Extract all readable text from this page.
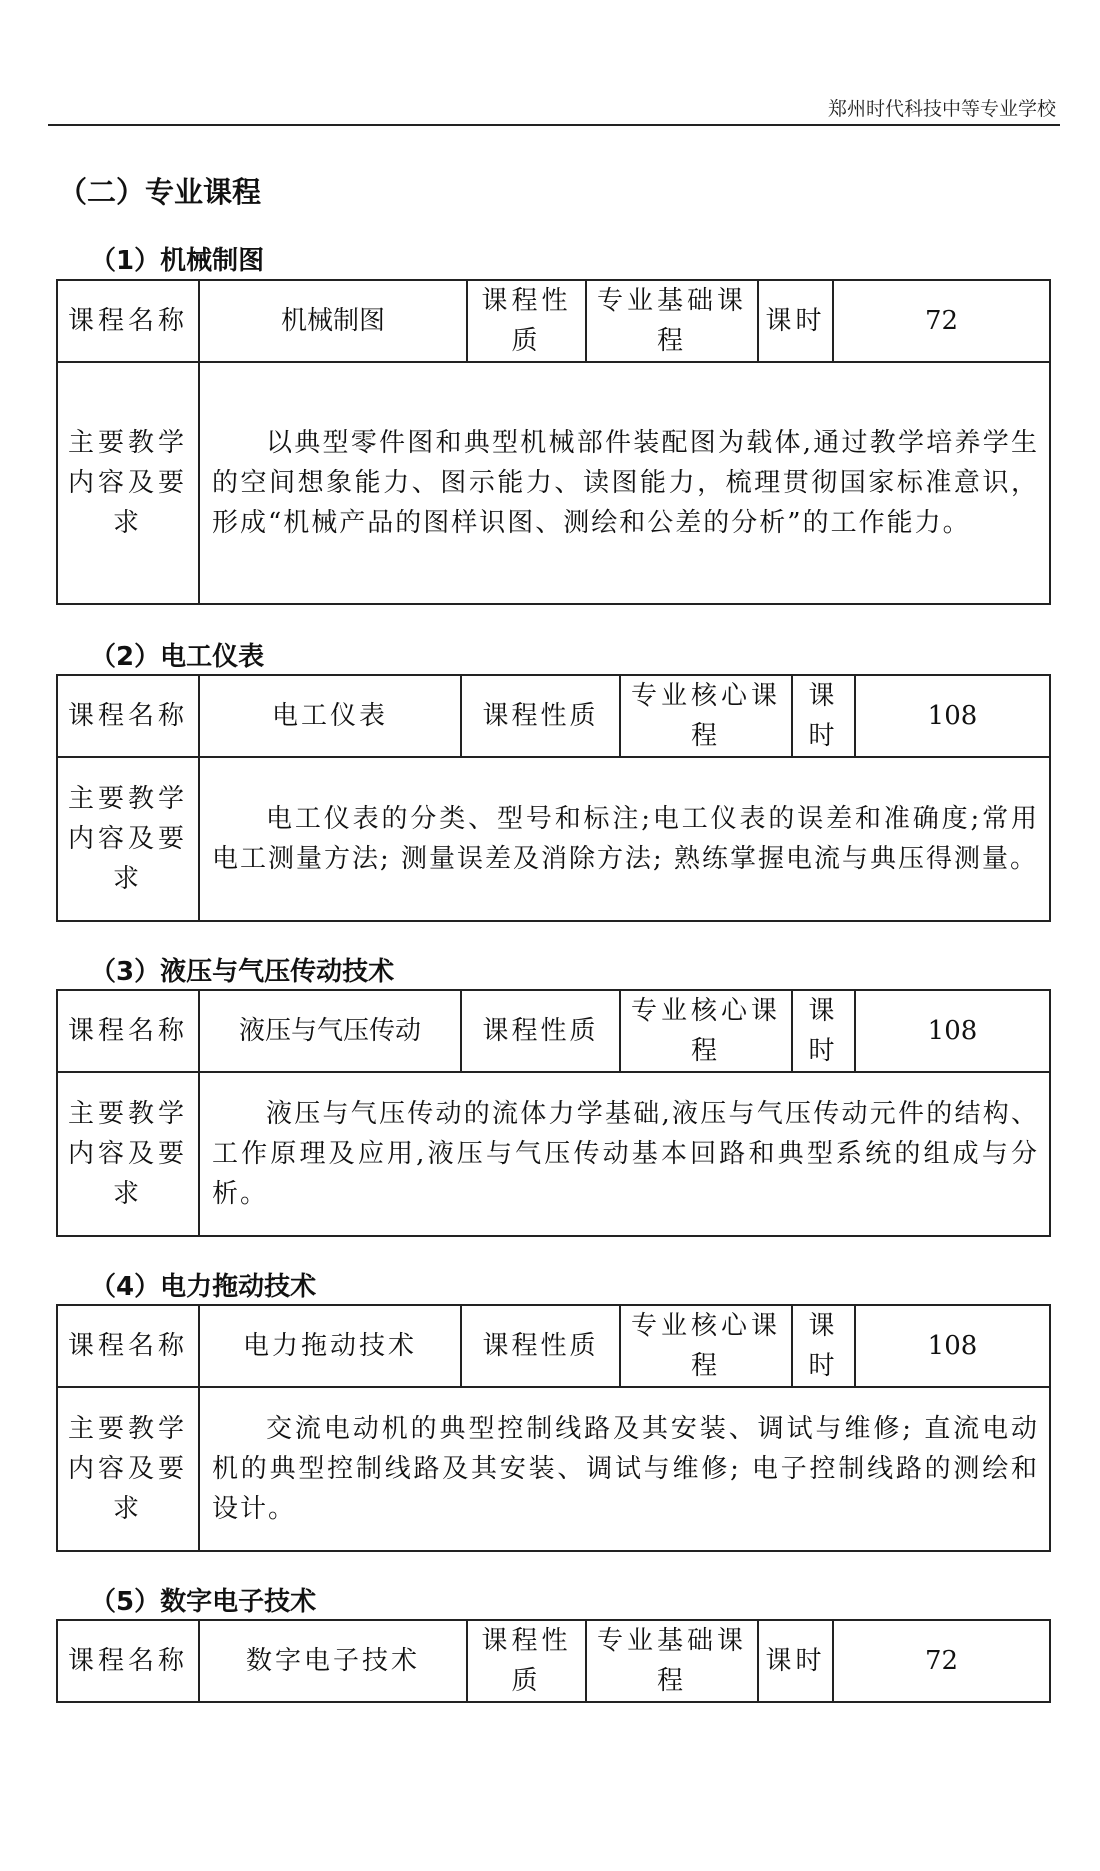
郑州时代科技中等专业学校
（二）专业课程
（1）机械制图
课程名称	机械制图	课程性质	专业基础课程	课时	72
主要教学内容及要求	以典型零件图和典型机械部件装配图为载体,通过教学培养学生的空间想象能力、图示能力、读图能力，梳理贯彻国家标准意识，形成“机械产品的图样识图、测绘和公差的分析”的工作能力。				
（2）电工仪表
课程名称	电工仪表	课程性质	专业核心课程	课时	108
主要教学内容及要求	电工仪表的分类、型号和标注;电工仪表的误差和准确度;常用电工测量方法; 测量误差及消除方法; 熟练掌握电流与典压得测量。				
（3）液压与气压传动技术
课程名称	液压与气压传动	课程性质	专业核心课程	课时	108
主要教学内容及要求	液压与气压传动的流体力学基础,液压与气压传动元件的结构、工作原理及应用,液压与气压传动基本回路和典型系统的组成与分析。				
（4）电力拖动技术
课程名称	电力拖动技术	课程性质	专业核心课程	课时	108
主要教学内容及要求	交流电动机的典型控制线路及其安装、调试与维修; 直流电动机的典型控制线路及其安装、调试与维修; 电子控制线路的测绘和设计。				
（5）数字电子技术
课程名称	数字电子技术	课程性质	专业基础课程	课时	72
